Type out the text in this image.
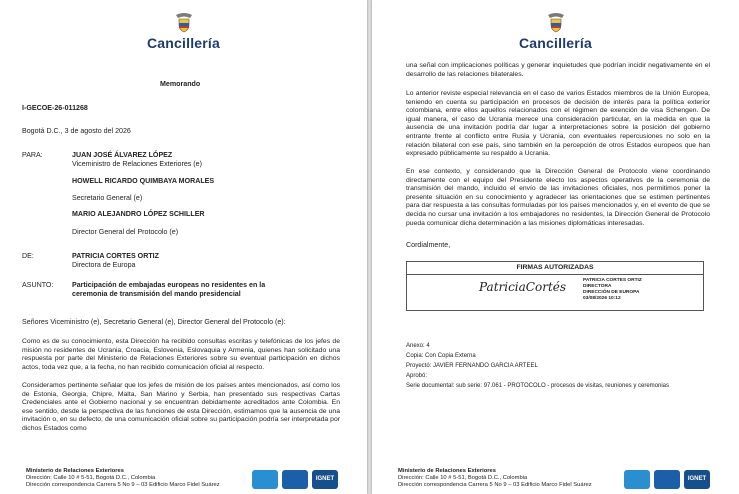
Cancillería
Memorando
I-GECOE-26-011268
Bogotá D.C., 3 de agosto del 2026
PARA:	JUAN JOSÉ ÁLVAREZ LÓPEZ
Viceministro de Relaciones Exteriores (e)
HOWELL RICARDO QUIMBAYA MORALES
Secretario General (e)
MARIO ALEJANDRO LÓPEZ SCHILLER
Director General del Protocolo (e)
DE:	PATRICIA CORTES ORTIZ
Directora de Europa
ASUNTO:	Participación de embajadas europeas no residentes en la
ceremonia de transmisión del mando presidencial
Señores Viceministro (e), Secretario General (e), Director General del Protocolo (e):
Como es de su conocimiento, esta Dirección ha recibido consultas escritas y telefónicas de los jefes de misión no residentes de Ucrania, Croacia, Eslovenia, Eslovaquia y Armenia, quienes han solicitado una respuesta por parte del Ministerio de Relaciones Exteriores sobre su eventual participación en dichos actos, toda vez que, a la fecha, no han recibido comunicación oficial al respecto.
Consideramos pertinente señalar que los jefes de misión de los países antes mencionados, así como los de Estonia, Georgia, Chipre, Malta, San Marino y Serbia, han presentado sus respectivas Cartas Credenciales ante el Gobierno nacional y se encuentran debidamente acreditados ante Colombia. En ese sentido, desde la perspectiva de las funciones de esta Dirección, estimamos que la ausencia de una invitación o, en su defecto, de una comunicación oficial sobre su participación podría ser interpretada por dichos Estados como
Ministerio de Relaciones Exteriores
Dirección: Calle 10 # 5-51, Bogotá D.C., Colombia
Dirección correspondencia Carrera 5 No 9 – 03 Edificio Marco Fidel Suárez
IGNET
Cancillería
una señal con implicaciones políticas y generar inquietudes que podrían incidir negativamente en el desarrollo de las relaciones bilaterales.
Lo anterior reviste especial relevancia en el caso de varios Estados miembros de la Unión Europea, teniendo en cuenta su participación en procesos de decisión de interés para la política exterior colombiana, entre ellos aquellos relacionados con el régimen de exención de visa Schengen. De igual manera, el caso de Ucrania merece una consideración particular, en la medida en que la ausencia de una invitación podría dar lugar a interpretaciones sobre la posición del gobierno entrante frente al conflicto entre Rusia y Ucrania, con eventuales repercusiones no solo en la relación bilateral con ese país, sino también en la percepción de otros Estados europeos que han expresado públicamente su respaldo a Ucrania.
En ese contexto, y considerando que la Dirección General de Protocolo viene coordinando directamente con el equipo del Presidente electo los aspectos operativos de la ceremonia de transmisión del mando, incluido el envío de las invitaciones oficiales, nos permitimos poner la presente situación en su conocimiento y agradecer las orientaciones que se estimen pertinentes para dar respuesta a las consultas formuladas por los países mencionados y, en el evento de que se decida no cursar una invitación a los embajadores no residentes, la Dirección General de Protocolo pueda comunicar dicha determinación a las misiones diplomáticas interesadas.
Cordialmente,
FIRMAS AUTORIZADAS
PatriciaCortés	PATRICIA CORTES ORTIZ
DIRECTORA
DIRECCIÓN DE EUROPA
03/08/2026 10:12
Anexo: 4
Copia: Con Copia Externa
Proyectó: JAVIER FERNANDO GARCIA ARTEEL
Aprobó:
Serie documental: sub serie: 97.061 - PROTOCOLO - procesos de visitas, reuniones y ceremonias
Ministerio de Relaciones Exteriores
Dirección: Calle 10 # 5-51, Bogotá D.C., Colombia
Dirección correspondencia Carrera 5 No 9 – 03 Edificio Marco Fidel Suárez
IGNET
